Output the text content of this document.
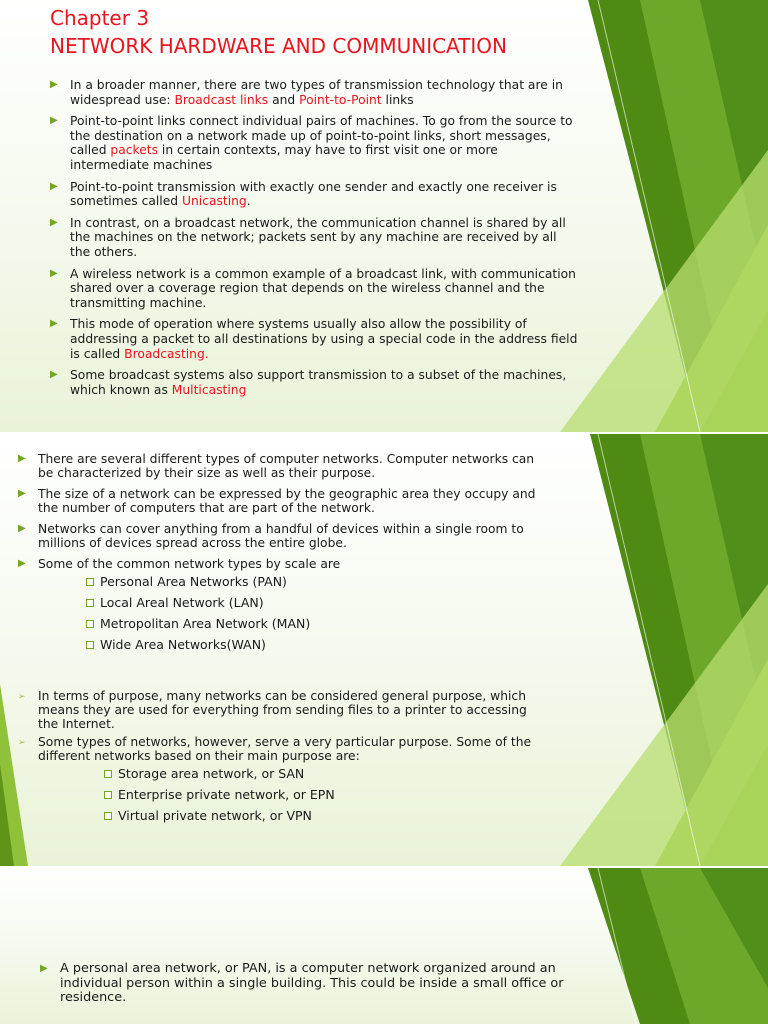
Chapter 3
NETWORK HARDWARE AND COMMUNICATION
▶ In a broader manner, there are two types of transmission technology that are in widespread use: Broadcast links and Point-to-Point links
▶ Point-to-point links connect individual pairs of machines. To go from the source to the destination on a network made up of point-to-point links, short messages, called packets in certain contexts, may have to first visit one or more intermediate machines
▶ Point-to-point transmission with exactly one sender and exactly one receiver is sometimes called Unicasting.
▶ In contrast, on a broadcast network, the communication channel is shared by all the machines on the network; packets sent by any machine are received by all the others.
▶ A wireless network is a common example of a broadcast link, with communication shared over a coverage region that depends on the wireless channel and the transmitting machine.
▶ This mode of operation where systems usually also allow the possibility of addressing a packet to all destinations by using a special code in the address field is called Broadcasting.
▶ Some broadcast systems also support transmission to a subset of the machines, which known as Multicasting
▶ There are several different types of computer networks. Computer networks can be characterized by their size as well as their purpose.
▶ The size of a network can be expressed by the geographic area they occupy and the number of computers that are part of the network.
▶ Networks can cover anything from a handful of devices within a single room to millions of devices spread across the entire globe.
▶ Some of the common network types by scale are
Personal Area Networks (PAN)
Local Areal Network (LAN)
Metropolitan Area Network (MAN)
Wide Area Networks(WAN)
➢ In terms of purpose, many networks can be considered general purpose, which means they are used for everything from sending files to a printer to accessing the Internet.
➢ Some types of networks, however, serve a very particular purpose. Some of the different networks based on their main purpose are:
Storage area network, or SAN
Enterprise private network, or EPN
Virtual private network, or VPN
▶ A personal area network, or PAN, is a computer network organized around an individual person within a single building. This could be inside a small office or residence.
